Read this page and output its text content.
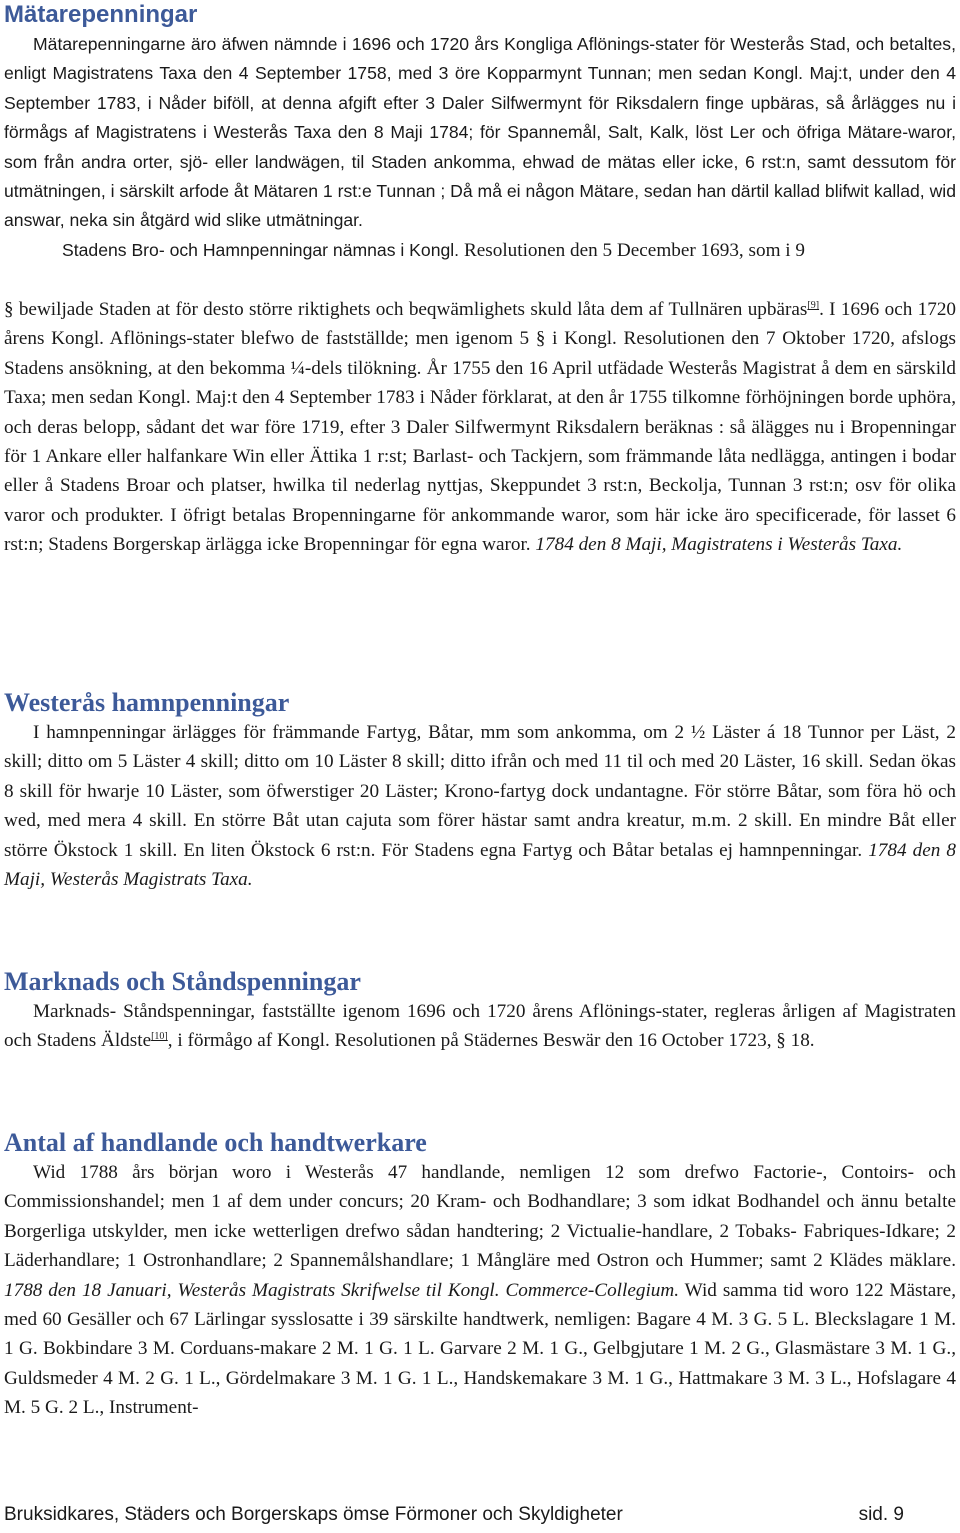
Mätarepenningar

Mätarepenningarne äro äfwen nämnde i 1696 och 1720 års Kongliga Aflönings-stater för Westerås Stad, och betaltes, enligt Magistratens Taxa den 4 September 1758, med 3 öre Kopparmynt Tunnan; men sedan Kongl. Maj:t, under den 4 September 1783, i Nåder biföll, at denna afgift efter 3 Daler Silfwermynt för Riksdalern finge upbäras, så årlägges nu i förmågs af Magistratens i Westerås Taxa den 8 Maji 1784; för Spannemål, Salt, Kalk, löst Ler och öfriga Mätare-waror, som från andra orter, sjö- eller landwägen, til Staden ankomma, ehwad de mätas eller icke, 6 rst:n, samt dessutom för utmätningen, i särskilt arfode åt Mätaren 1 rst:e Tunnan ; Då må ei någon Mätare, sedan han därtil kallad blifwit kallad, wid answar, neka sin åtgärd wid slike utmätningar.
Stadens Bro- och Hamnpenningar nämnas i Kongl. Resolutionen den 5 December 1693, som i 9

§ bewiljade Staden at för desto större riktighets och beqwämlighets skuld låta dem af Tullnären upbäras[9]. I 1696 och 1720 årens Kongl. Aflönings-stater blefwo de fastställde; men igenom 5 § i Kongl. Resolutionen den 7 Oktober 1720, afslogs Stadens ansökning, at den bekomma ¼-dels tilökning. År 1755 den 16 April utfädade Westerås Magistrat å dem en särskild Taxa; men sedan Kongl. Maj:t den 4 September 1783 i Nåder förklarat, at den år 1755 tilkomne förhöjningen borde uphöra, och deras belopp, sådant det war före 1719, efter 3 Daler Silfwermynt Riksdalern beräknas : så älägges nu i Bropenningar för 1 Ankare eller halfankare Win eller Ättika 1 r:st; Barlast- och Tackjern, som främmande låta nedlägga, antingen i bodar eller å Stadens Broar och platser, hwilka til nederlag nyttjas, Skeppundet 3 rst:n, Beckolja, Tunnan 3 rst:n; osv för olika varor och produkter. I öfrigt betalas Bropenningarne för ankommande waror, som här icke äro specificerade, för lasset 6 rst:n; Stadens Borgerskap ärlägga icke Bropenningar för egna waror. 1784 den 8 Maji, Magistratens i Westerås Taxa.

Westerås hamnpenningar

I hamnpenningar ärlägges för främmande Fartyg, Båtar, mm som ankomma, om 2 ½ Läster á 18 Tunnor per Läst, 2 skill; ditto om 5 Läster 4 skill; ditto om 10 Läster 8 skill; ditto ifrån och med 11 til och med 20 Läster, 16 skill. Sedan ökas 8 skill för hwarje 10 Läster, som öfwerstiger 20 Läster; Krono-fartyg dock undantagne. För större Båtar, som föra hö och wed, med mera 4 skill. En större Båt utan cajuta som förer hästar samt andra kreatur, m.m. 2 skill. En mindre Båt eller större Ökstock 1 skill. En liten Ökstock 6 rst:n. För Stadens egna Fartyg och Båtar betalas ej hamnpenningar. 1784 den 8 Maji, Westerås Magistrats Taxa.

Marknads och Ståndspenningar

Marknads- Ståndspenningar, fastställte igenom 1696 och 1720 årens Aflönings-stater, regleras årligen af Magistraten och Stadens Äldste[10], i förmågo af Kongl. Resolutionen på Städernes Beswär den 16 October 1723, § 18.

Antal af handlande och handtwerkare

Wid 1788 års början woro i Westerås 47 handlande, nemligen 12 som drefwo Factorie-, Contoirs- och Commissionshandel; men 1 af dem under concurs; 20 Kram- och Bodhandlare; 3 som idkat Bodhandel och ännu betalte Borgerliga utskylder, men icke wetterligen drefwo sådan handtering; 2 Victualie-handlare, 2 Tobaks- Fabriques-Idkare; 2 Läderhandlare; 1 Ostronhandlare; 2 Spannemålshandlare; 1 Mångläre med Ostron och Hummer; samt 2 Klädes mäklare. 1788 den 18 Januari, Westerås Magistrats Skrifwelse til Kongl. Commerce-Collegium. Wid samma tid woro 122 Mästare, med 60 Gesäller och 67 Lärlingar sysslosatte i 39 särskilte handtwerk, nemligen: Bagare 4 M. 3 G. 5 L. Bleckslagare 1 M. 1 G. Bokbindare 3 M. Corduans-makare 2 M. 1 G. 1 L. Garvare 2 M. 1 G., Gelbgjutare 1 M. 2 G., Glasmästare 3 M. 1 G., Guldsmeder 4 M. 2 G. 1 L., Gördelmakare 3 M. 1 G. 1 L., Handskemakare 3 M. 1 G., Hattmakare 3 M. 3 L., Hofslagare 4 M. 5 G. 2 L., Instrument-

Bruksidkares, Städers och Borgerskaps ömse Förmoner och Skyldigheter	sid. 9
